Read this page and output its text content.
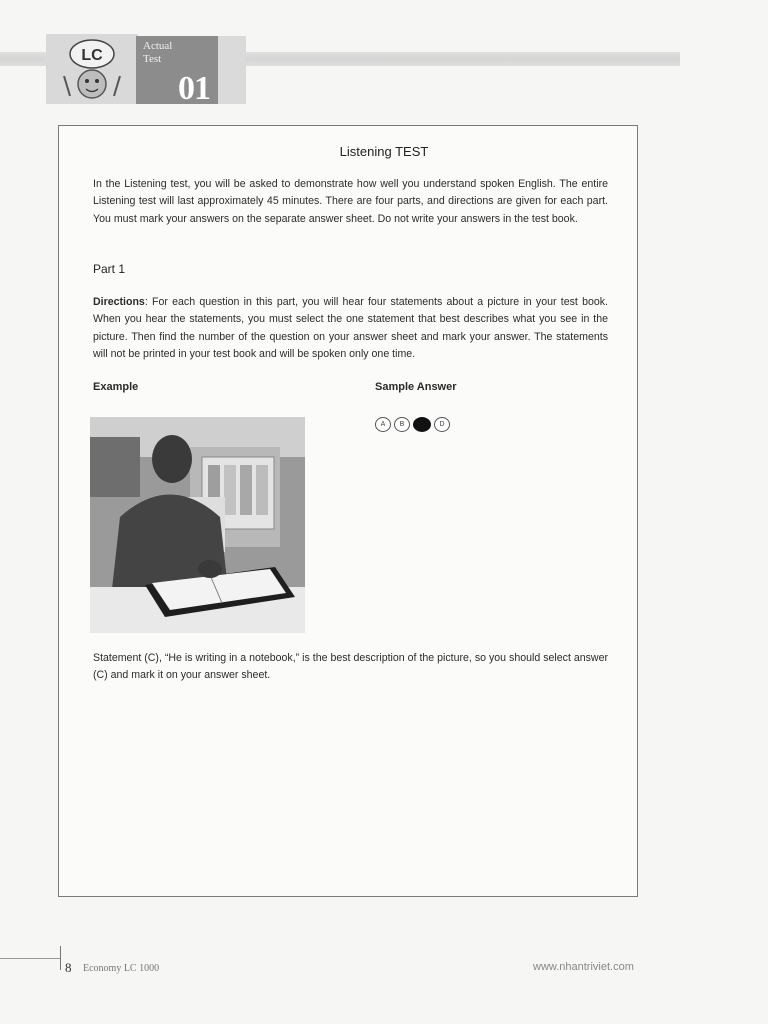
LC
Actual
Test
01
Listening TEST
In the Listening test, you will be asked to demonstrate how well you understand spoken English. The entire Listening test will last approximately 45 minutes. There are four parts, and directions are given for each part. You must mark your answers on the separate answer sheet. Do not write your answers in the test book.
Part 1
Directions: For each question in this part, you will hear four statements about a picture in your test book. When you hear the statements, you must select the one statement that best describes what you see in the picture. Then find the number of the question on your answer sheet and mark your answer. The statements will not be printed in your test book and will be spoken only one time.
Example	Sample Answer
A	B	D
Statement (C), “He is writing in a notebook,” is the best description of the picture, so you should select answer (C) and mark it on your answer sheet.
8 Economy LC 1000	www.nhantriviet.com
